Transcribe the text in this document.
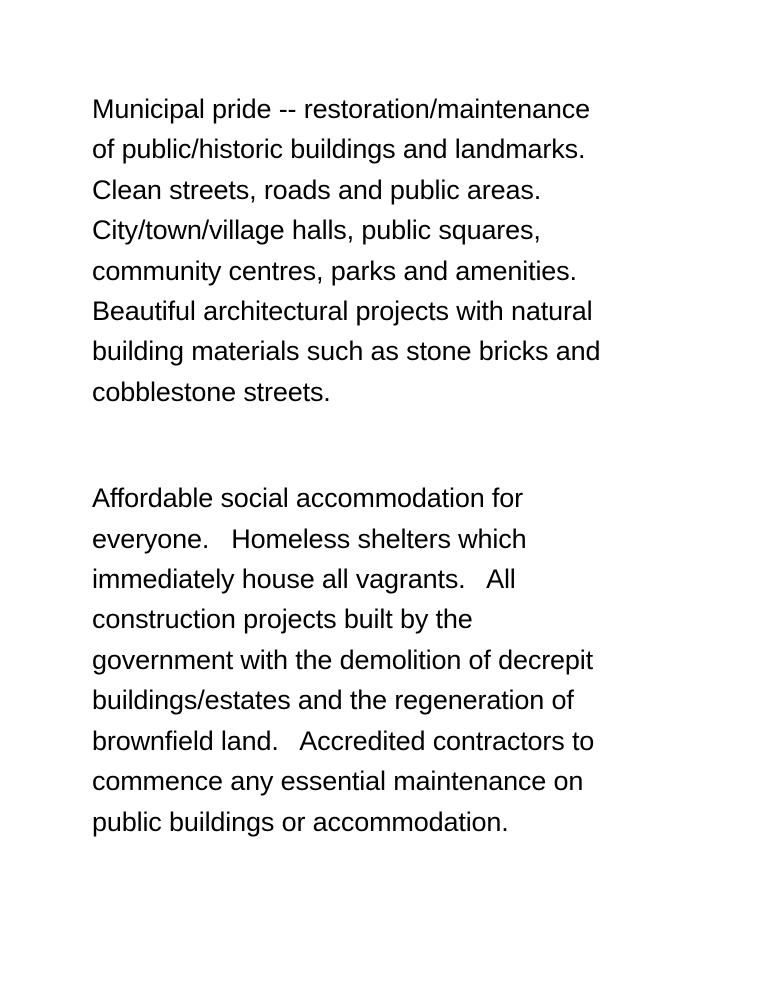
Municipal pride -- restoration/maintenance
of public/historic buildings and landmarks.
Clean streets, roads and public areas.
City/town/village halls, public squares,
community centres, parks and amenities.
Beautiful architectural projects with natural
building materials such as stone bricks and
cobblestone streets.

Affordable social accommodation for
everyone.   Homeless shelters which
immediately house all vagrants.   All
construction projects built by the
government with the demolition of decrepit
buildings/estates and the regeneration of
brownfield land.   Accredited contractors to
commence any essential maintenance on
public buildings or accommodation.
